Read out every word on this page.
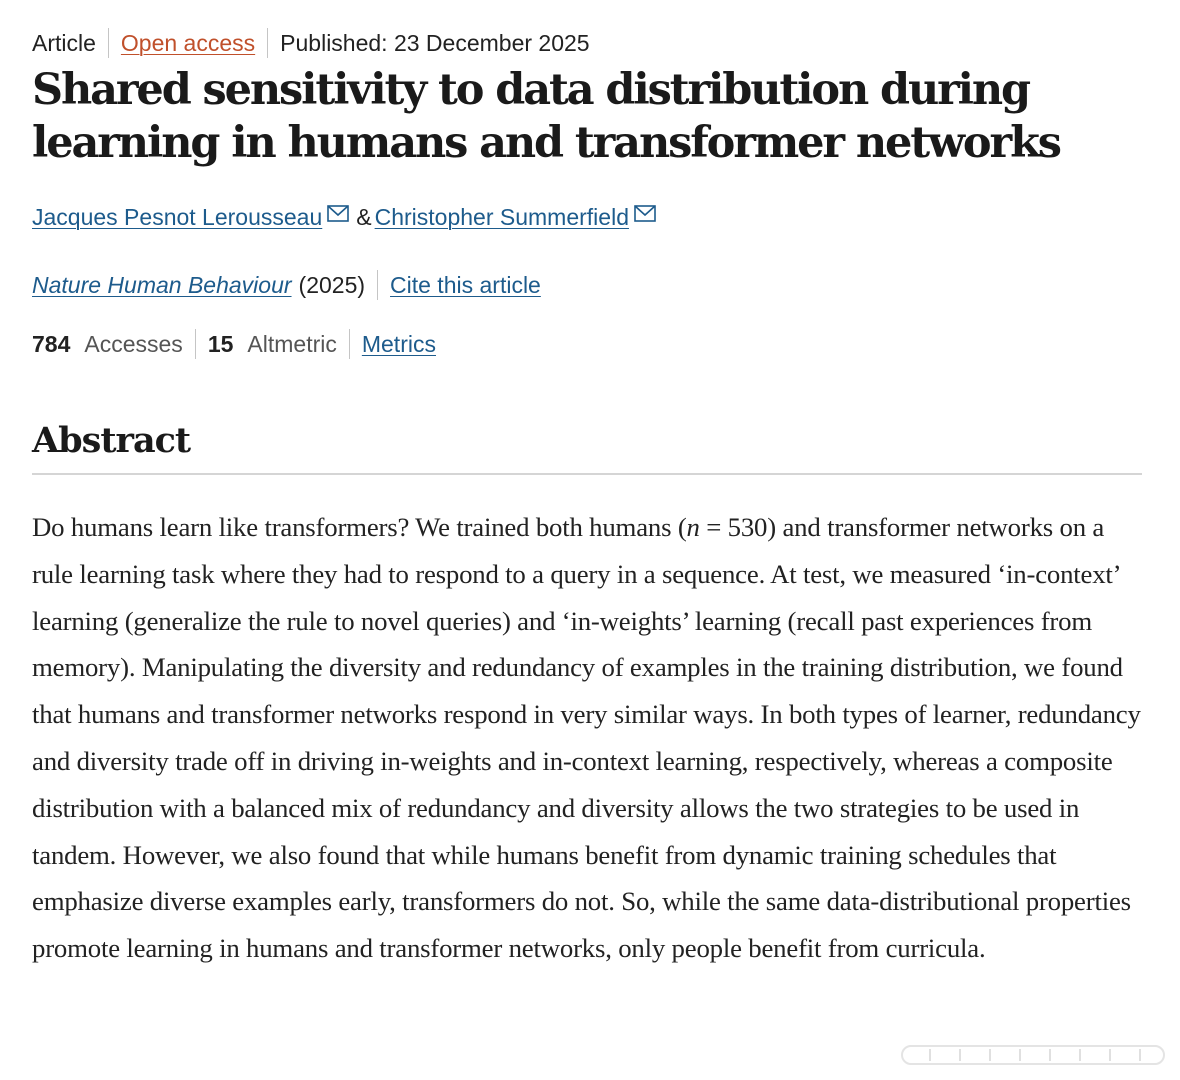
Article Open access Published: 23 December 2025
Shared sensitivity to data distribution during learning in humans and transformer networks
Jacques Pesnot Lerousseau & Christopher Summerfield
Nature Human Behaviour (2025) Cite this article
784 Accesses 15 Altmetric Metrics
Abstract

Do humans learn like transformers? We trained both humans (n = 530) and transformer networks on a rule learning task where they had to respond to a query in a sequence. At test, we measured ‘in-context’ learning (generalize the rule to novel queries) and ‘in-weights’ learning (recall past experiences from memory). Manipulating the diversity and redundancy of examples in the training distribution, we found that humans and transformer networks respond in very similar ways. In both types of learner, redundancy and diversity trade off in driving in-weights and in-context learning, respectively, whereas a composite distribution with a balanced mix of redundancy and diversity allows the two strategies to be used in tandem. However, we also found that while humans benefit from dynamic training schedules that emphasize diverse examples early, transformers do not. So, while the same data-distributional properties promote learning in humans and transformer networks, only people benefit from curricula.
